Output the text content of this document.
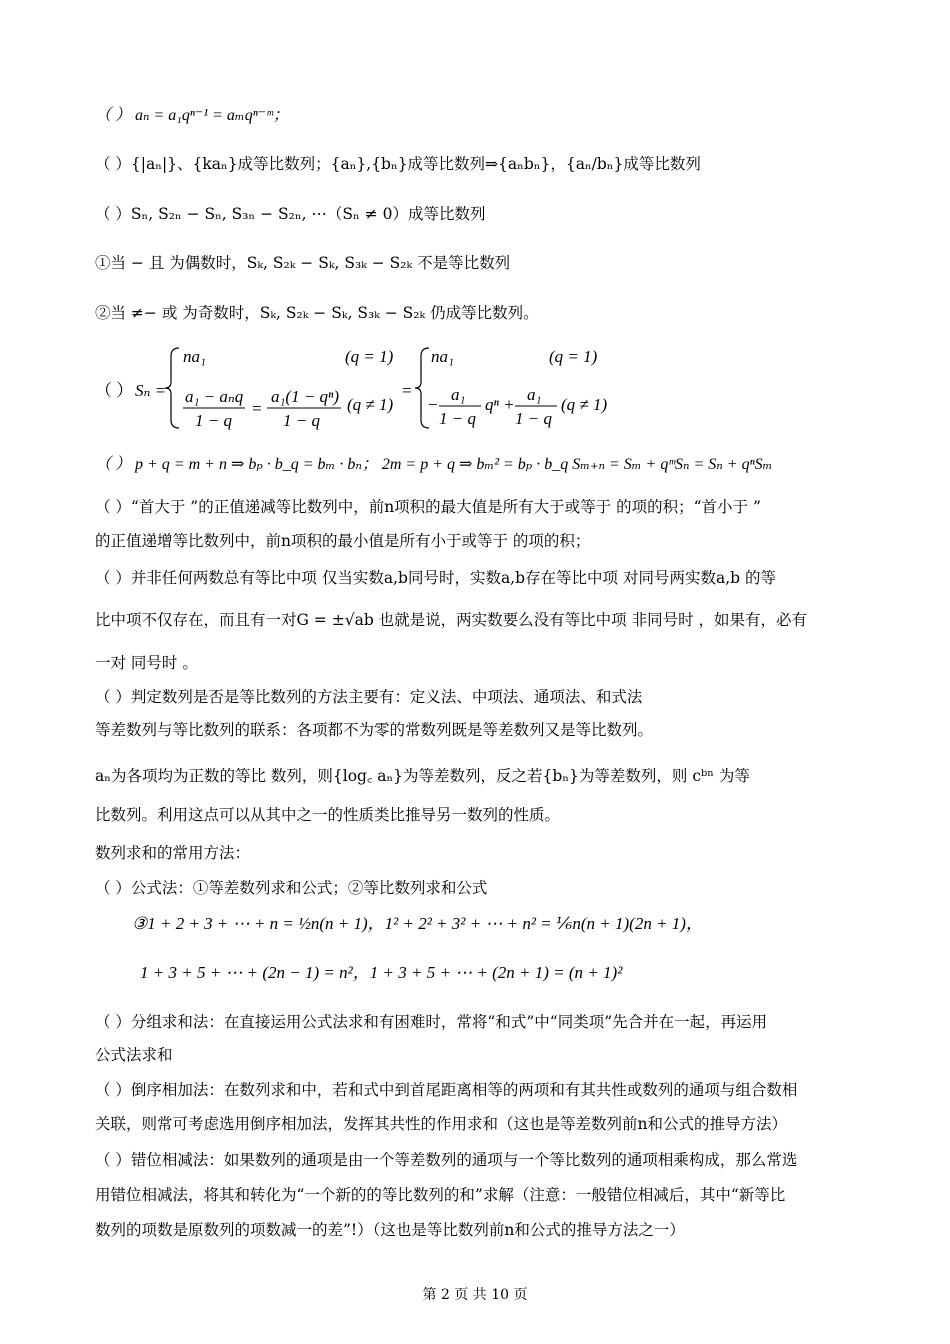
（ ） aₙ = a₁qⁿ⁻¹ = aₘqⁿ⁻ᵐ；
（ ）{|aₙ|}、{kaₙ}成等比数列；{aₙ},{bₙ}成等比数列⇒{aₙbₙ}，{aₙ/bₙ}成等比数列
（ ）Sₙ, S₂ₙ − Sₙ, S₃ₙ − S₂ₙ, ⋯（Sₙ ≠ 0）成等比数列
①当 − 且 为偶数时，Sₖ, S₂ₖ − Sₖ, S₃ₖ − S₂ₖ 不是等比数列
②当 ≠− 或 为奇数时，Sₖ, S₂ₖ − Sₖ, S₃ₖ − S₂ₖ 仍成等比数列。
（ ） Sₙ =
na₁	(q = 1)
a₁ − aₙq
1 − q
=
a₁(1 − qⁿ)
1 − q
(q ≠ 1)
=
na₁	(q = 1)
−
a₁
1 − q
qⁿ +
a₁
1 − q
(q ≠ 1)
（ ） p + q = m + n ⇒ bₚ · b_q = bₘ · bₙ； 2m = p + q ⇒ bₘ² = bₚ · b_q Sₘ₊ₙ = Sₘ + qᵐSₙ = Sₙ + qⁿSₘ
（ ）“首大于 ”的正值递减等比数列中，前n项积的最大值是所有大于或等于 的项的积；“首小于 ”
的正值递增等比数列中，前n项积的最小值是所有小于或等于 的项的积；
（ ）并非任何两数总有等比中项 仅当实数a,b同号时，实数a,b存在等比中项 对同号两实数a,b 的等
比中项不仅存在，而且有一对G = ±√ab 也就是说，两实数要么没有等比中项 非同号时 ，如果有，必有
一对 同号时 。
（ ）判定数列是否是等比数列的方法主要有：定义法、中项法、通项法、和式法
等差数列与等比数列的联系：各项都不为零的常数列既是等差数列又是等比数列。
aₙ为各项均为正数的等比 数列，则{log꜀ aₙ}为等差数列，反之若{bₙ}为等差数列，则 cᵇⁿ 为等
比数列。利用这点可以从其中之一的性质类比推导另一数列的性质。
数列求和的常用方法：
（ ）公式法：①等差数列求和公式；②等比数列求和公式
③1 + 2 + 3 + ⋯ + n = ½n(n + 1)，1² + 2² + 3² + ⋯ + n² = ⅙n(n + 1)(2n + 1)，
1 + 3 + 5 + ⋯ + (2n − 1) = n²，1 + 3 + 5 + ⋯ + (2n + 1) = (n + 1)²
（ ）分组求和法：在直接运用公式法求和有困难时，常将“和式”中“同类项”先合并在一起，再运用
公式法求和
（ ）倒序相加法：在数列求和中，若和式中到首尾距离相等的两项和有其共性或数列的通项与组合数相
关联，则常可考虑选用倒序相加法，发挥其共性的作用求和（这也是等差数列前n和公式的推导方法）
（ ）错位相减法：如果数列的通项是由一个等差数列的通项与一个等比数列的通项相乘构成，那么常选
用错位相减法，将其和转化为“一个新的的等比数列的和”求解（注意：一般错位相减后，其中“新等比
数列的项数是原数列的项数减一的差”!）（这也是等比数列前n和公式的推导方法之一）
第 2 页 共 10 页
